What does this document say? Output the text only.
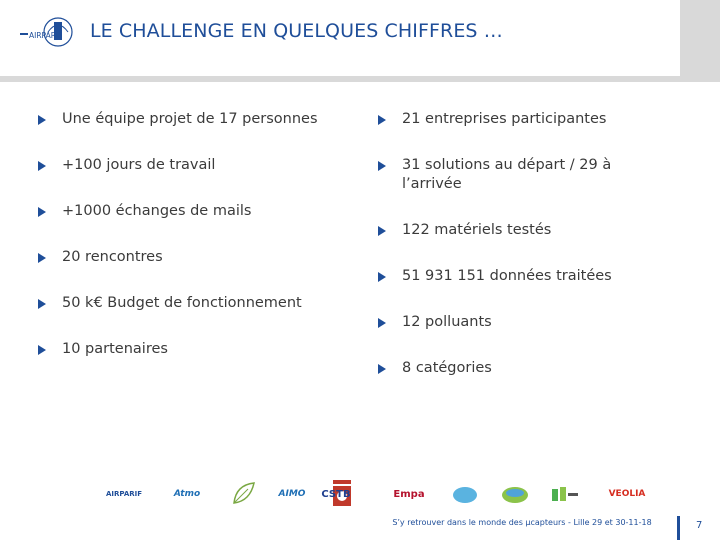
AIRPARIF LE CHALLENGE EN QUELQUES CHIFFRES …
Une équipe projet de 17 personnes
+100 jours de travail
+1000 échanges de mails
20 rencontres
50 k€ Budget de fonctionnement
10 partenaires
21 entreprises participantes
31 solutions au départ / 29 à
l’arrivée
122 matériels testés
51 931 151 données traitées
12 polluants
8 catégories
AIRPARIF	Atmo	AIMO CSTB	Empa	VEOLIA
S’y retrouver dans le monde des µcapteurs - Lille 29 et 30-11-18	7
